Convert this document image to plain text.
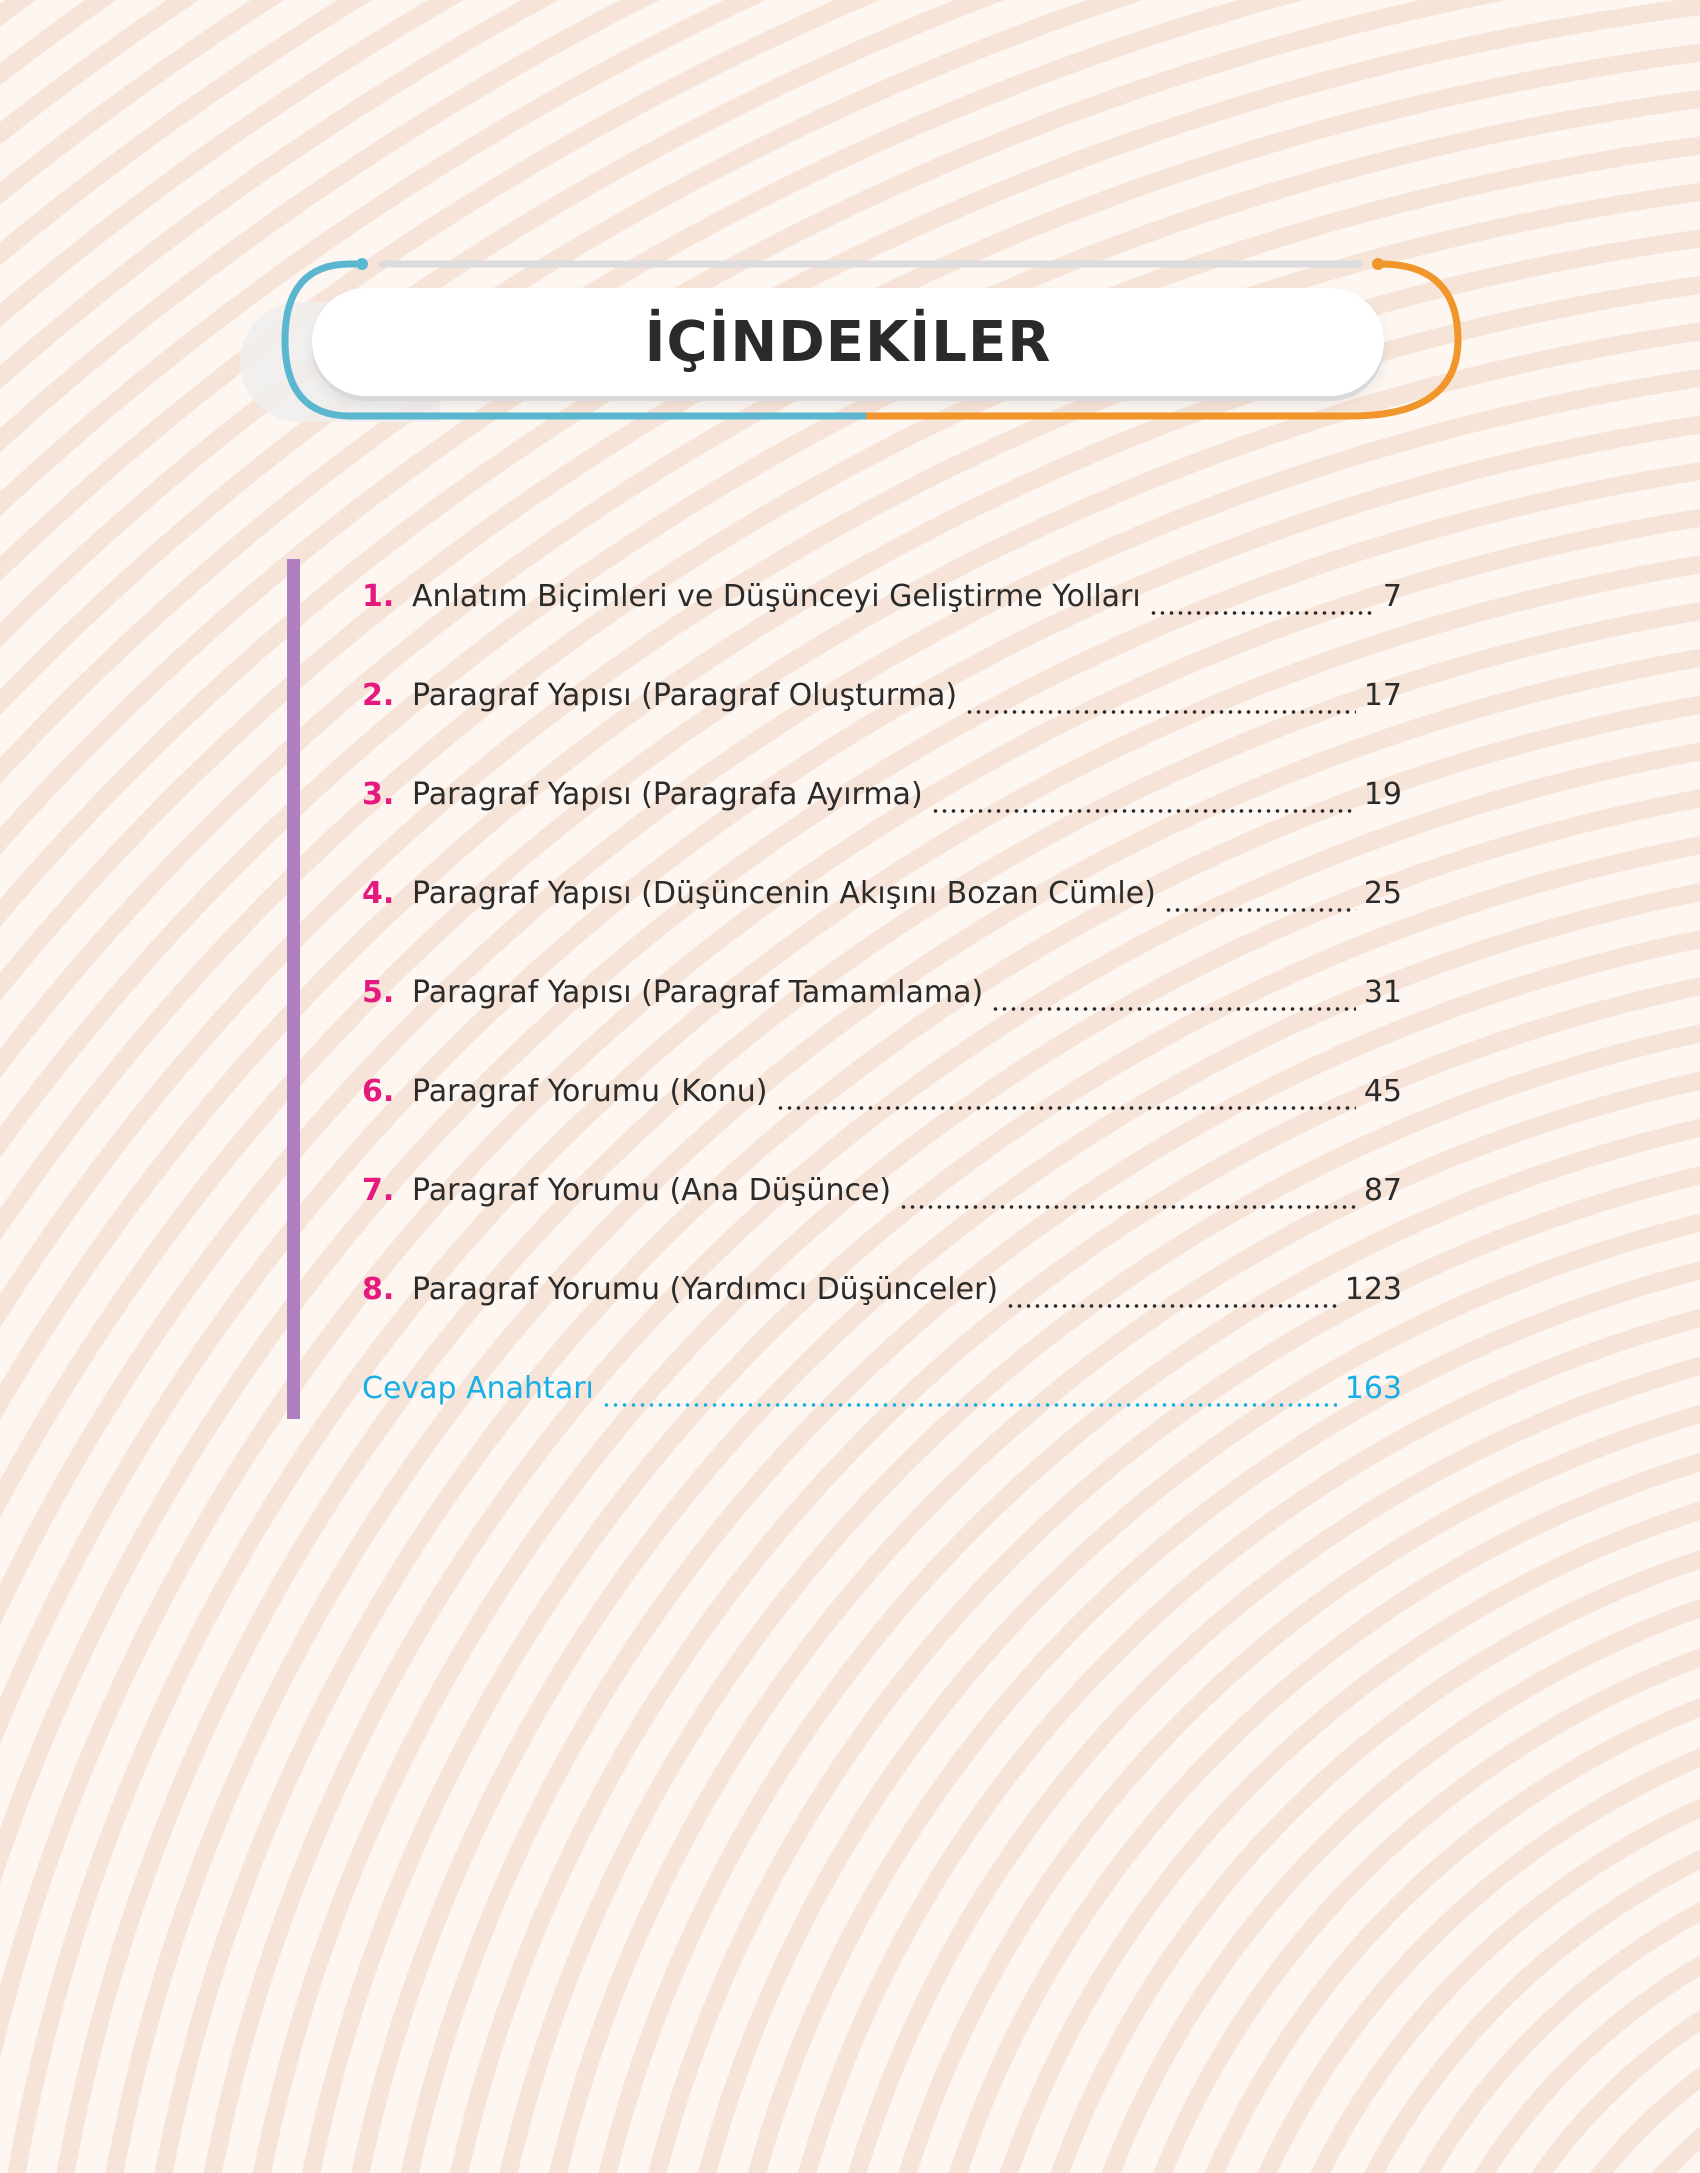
İÇİNDEKİLER
1. Anlatım Biçimleri ve Düşünceyi Geliştirme Yolları	7
2. Paragraf Yapısı (Paragraf Oluşturma)	17
3. Paragraf Yapısı (Paragrafa Ayırma)	19
4. Paragraf Yapısı (Düşüncenin Akışını Bozan Cümle)	25
5. Paragraf Yapısı (Paragraf Tamamlama)	31
6. Paragraf Yorumu (Konu)	45
7. Paragraf Yorumu (Ana Düşünce)	87
8. Paragraf Yorumu (Yardımcı Düşünceler)	123
Cevap Anahtarı	163
